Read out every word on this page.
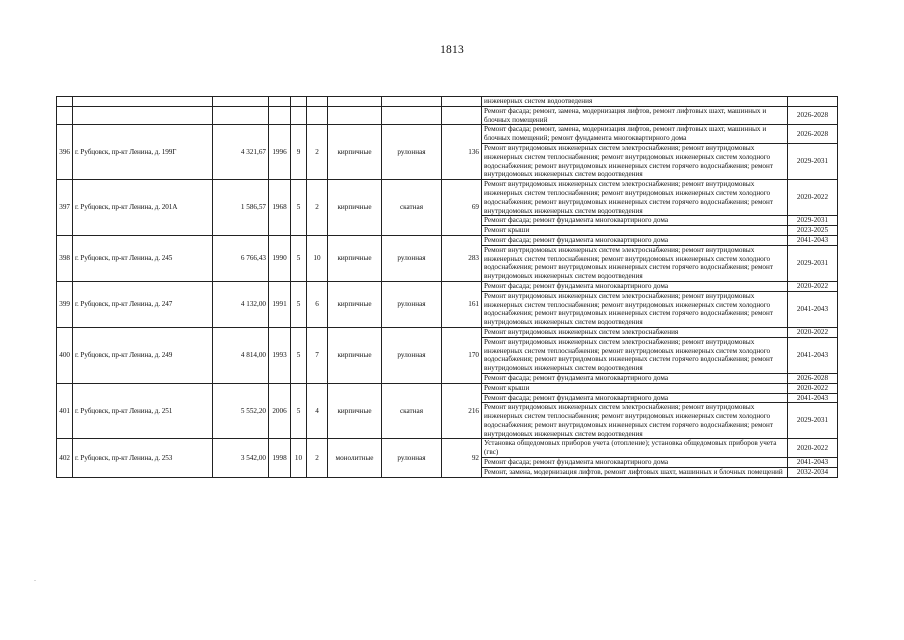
1813
									инженерных систем водоотведения	
									Ремонт фасада; ремонт, замена, модернизация лифтов, ремонт лифтовых шахт, машинных и блочных помещений	2026-2028
396	г. Рубцовск, пр-кт Ленина, д. 199Г	4 321,67	1996	9	2	кирпичные	рулонная	136	Ремонт фасада; ремонт, замена, модернизация лифтов, ремонт лифтовых шахт, машинных и блочных помещений; ремонт фундамента многоквартирного дома	2026-2028
									Ремонт внутридомовых инженерных систем электроснабжения; ремонт внутридомовых инженерных систем теплоснабжения; ремонт внутридомовых инженерных систем холодного водоснабжения; ремонт внутридомовых инженерных систем горячего водоснабжения; ремонт внутридомовых инженерных систем водоотведения	2029-2031
397	г. Рубцовск, пр-кт Ленина, д. 201А	1 586,57	1968	5	2	кирпичные	скатная	69	Ремонт внутридомовых инженерных систем электроснабжения; ремонт внутридомовых инженерных систем теплоснабжения; ремонт внутридомовых инженерных систем холодного водоснабжения; ремонт внутридомовых инженерных систем горячего водоснабжения; ремонт внутридомовых инженерных систем водоотведения	2020-2022
									Ремонт фасада; ремонт фундамента многоквартирного дома	2029-2031
									Ремонт крыши	2023-2025
398	г. Рубцовск, пр-кт Ленина, д. 245	6 766,43	1990	5	10	кирпичные	рулонная	283	Ремонт фасада; ремонт фундамента многоквартирного дома	2041-2043
									Ремонт внутридомовых инженерных систем электроснабжения; ремонт внутридомовых инженерных систем теплоснабжения; ремонт внутридомовых инженерных систем холодного водоснабжения; ремонт внутридомовых инженерных систем горячего водоснабжения; ремонт внутридомовых инженерных систем водоотведения	2029-2031
399	г. Рубцовск, пр-кт Ленина, д. 247	4 132,00	1991	5	6	кирпичные	рулонная	161	Ремонт фасада; ремонт фундамента многоквартирного дома	2020-2022
									Ремонт внутридомовых инженерных систем электроснабжения; ремонт внутридомовых инженерных систем теплоснабжения; ремонт внутридомовых инженерных систем холодного водоснабжения; ремонт внутридомовых инженерных систем горячего водоснабжения; ремонт внутридомовых инженерных систем водоотведения	2041-2043
400	г. Рубцовск, пр-кт Ленина, д. 249	4 814,00	1993	5	7	кирпичные	рулонная	170	Ремонт внутридомовых инженерных систем электроснабжения	2020-2022
									Ремонт внутридомовых инженерных систем электроснабжения; ремонт внутридомовых инженерных систем теплоснабжения; ремонт внутридомовых инженерных систем холодного водоснабжения; ремонт внутридомовых инженерных систем горячего водоснабжения; ремонт внутридомовых инженерных систем водоотведения	2041-2043
									Ремонт фасада; ремонт фундамента многоквартирного дома	2026-2028
401	г. Рубцовск, пр-кт Ленина, д. 251	5 552,20	2006	5	4	кирпичные	скатная	216	Ремонт крыши	2020-2022
									Ремонт фасада; ремонт фундамента многоквартирного дома	2041-2043
									Ремонт внутридомовых инженерных систем электроснабжения; ремонт внутридомовых инженерных систем теплоснабжения; ремонт внутридомовых инженерных систем холодного водоснабжения; ремонт внутридомовых инженерных систем горячего водоснабжения; ремонт внутридомовых инженерных систем водоотведения	2029-2031
402	г. Рубцовск, пр-кт Ленина, д. 253	3 542,00	1998	10	2	монолитные	рулонная	92	Установка общедомовых приборов учета (отопление); установка общедомовых приборов учета (гвс)	2020-2022
									Ремонт фасада; ремонт фундамента многоквартирного дома	2041-2043
									Ремонт, замена, модернизация лифтов, ремонт лифтовых шахт, машинных и блочных помещений	2032-2034
.
